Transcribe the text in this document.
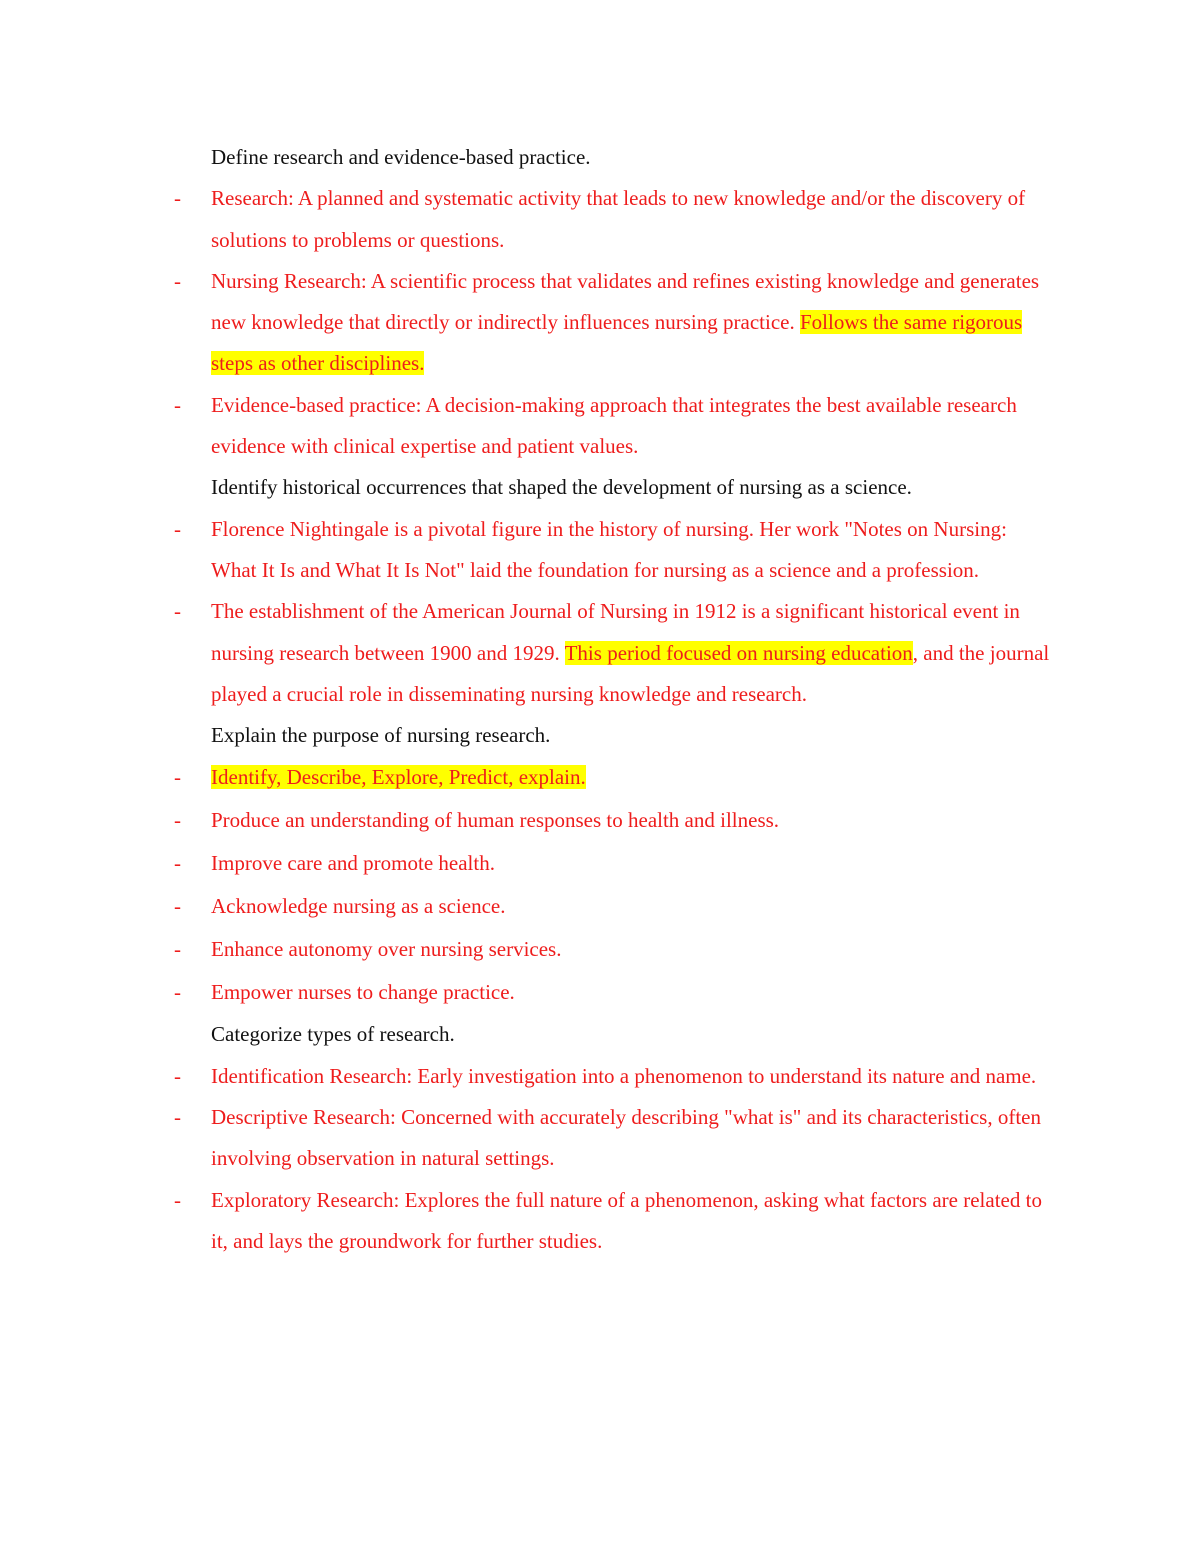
Define research and evidence-based practice.
-	Research: A planned and systematic activity that leads to new knowledge and/or the discovery of solutions to problems or questions.
-	Nursing Research: A scientific process that validates and refines existing knowledge and generates new knowledge that directly or indirectly influences nursing practice. Follows the same rigorous steps as other disciplines.
-	Evidence-based practice: A decision-making approach that integrates the best available research evidence with clinical expertise and patient values.
Identify historical occurrences that shaped the development of nursing as a science.
-	Florence Nightingale is a pivotal figure in the history of nursing. Her work "Notes on Nursing: What It Is and What It Is Not" laid the foundation for nursing as a science and a profession.
-	The establishment of the American Journal of Nursing in 1912 is a significant historical event in nursing research between 1900 and 1929. This period focused on nursing education, and the journal played a crucial role in disseminating nursing knowledge and research.
Explain the purpose of nursing research.
-	Identify, Describe, Explore, Predict, explain.
-	Produce an understanding of human responses to health and illness.
-	Improve care and promote health.
-	Acknowledge nursing as a science.
-	Enhance autonomy over nursing services.
-	Empower nurses to change practice.
Categorize types of research.
-	Identification Research: Early investigation into a phenomenon to understand its nature and name.
-	Descriptive Research: Concerned with accurately describing "what is" and its characteristics, often involving observation in natural settings.
-	Exploratory Research: Explores the full nature of a phenomenon, asking what factors are related to it, and lays the groundwork for further studies.
